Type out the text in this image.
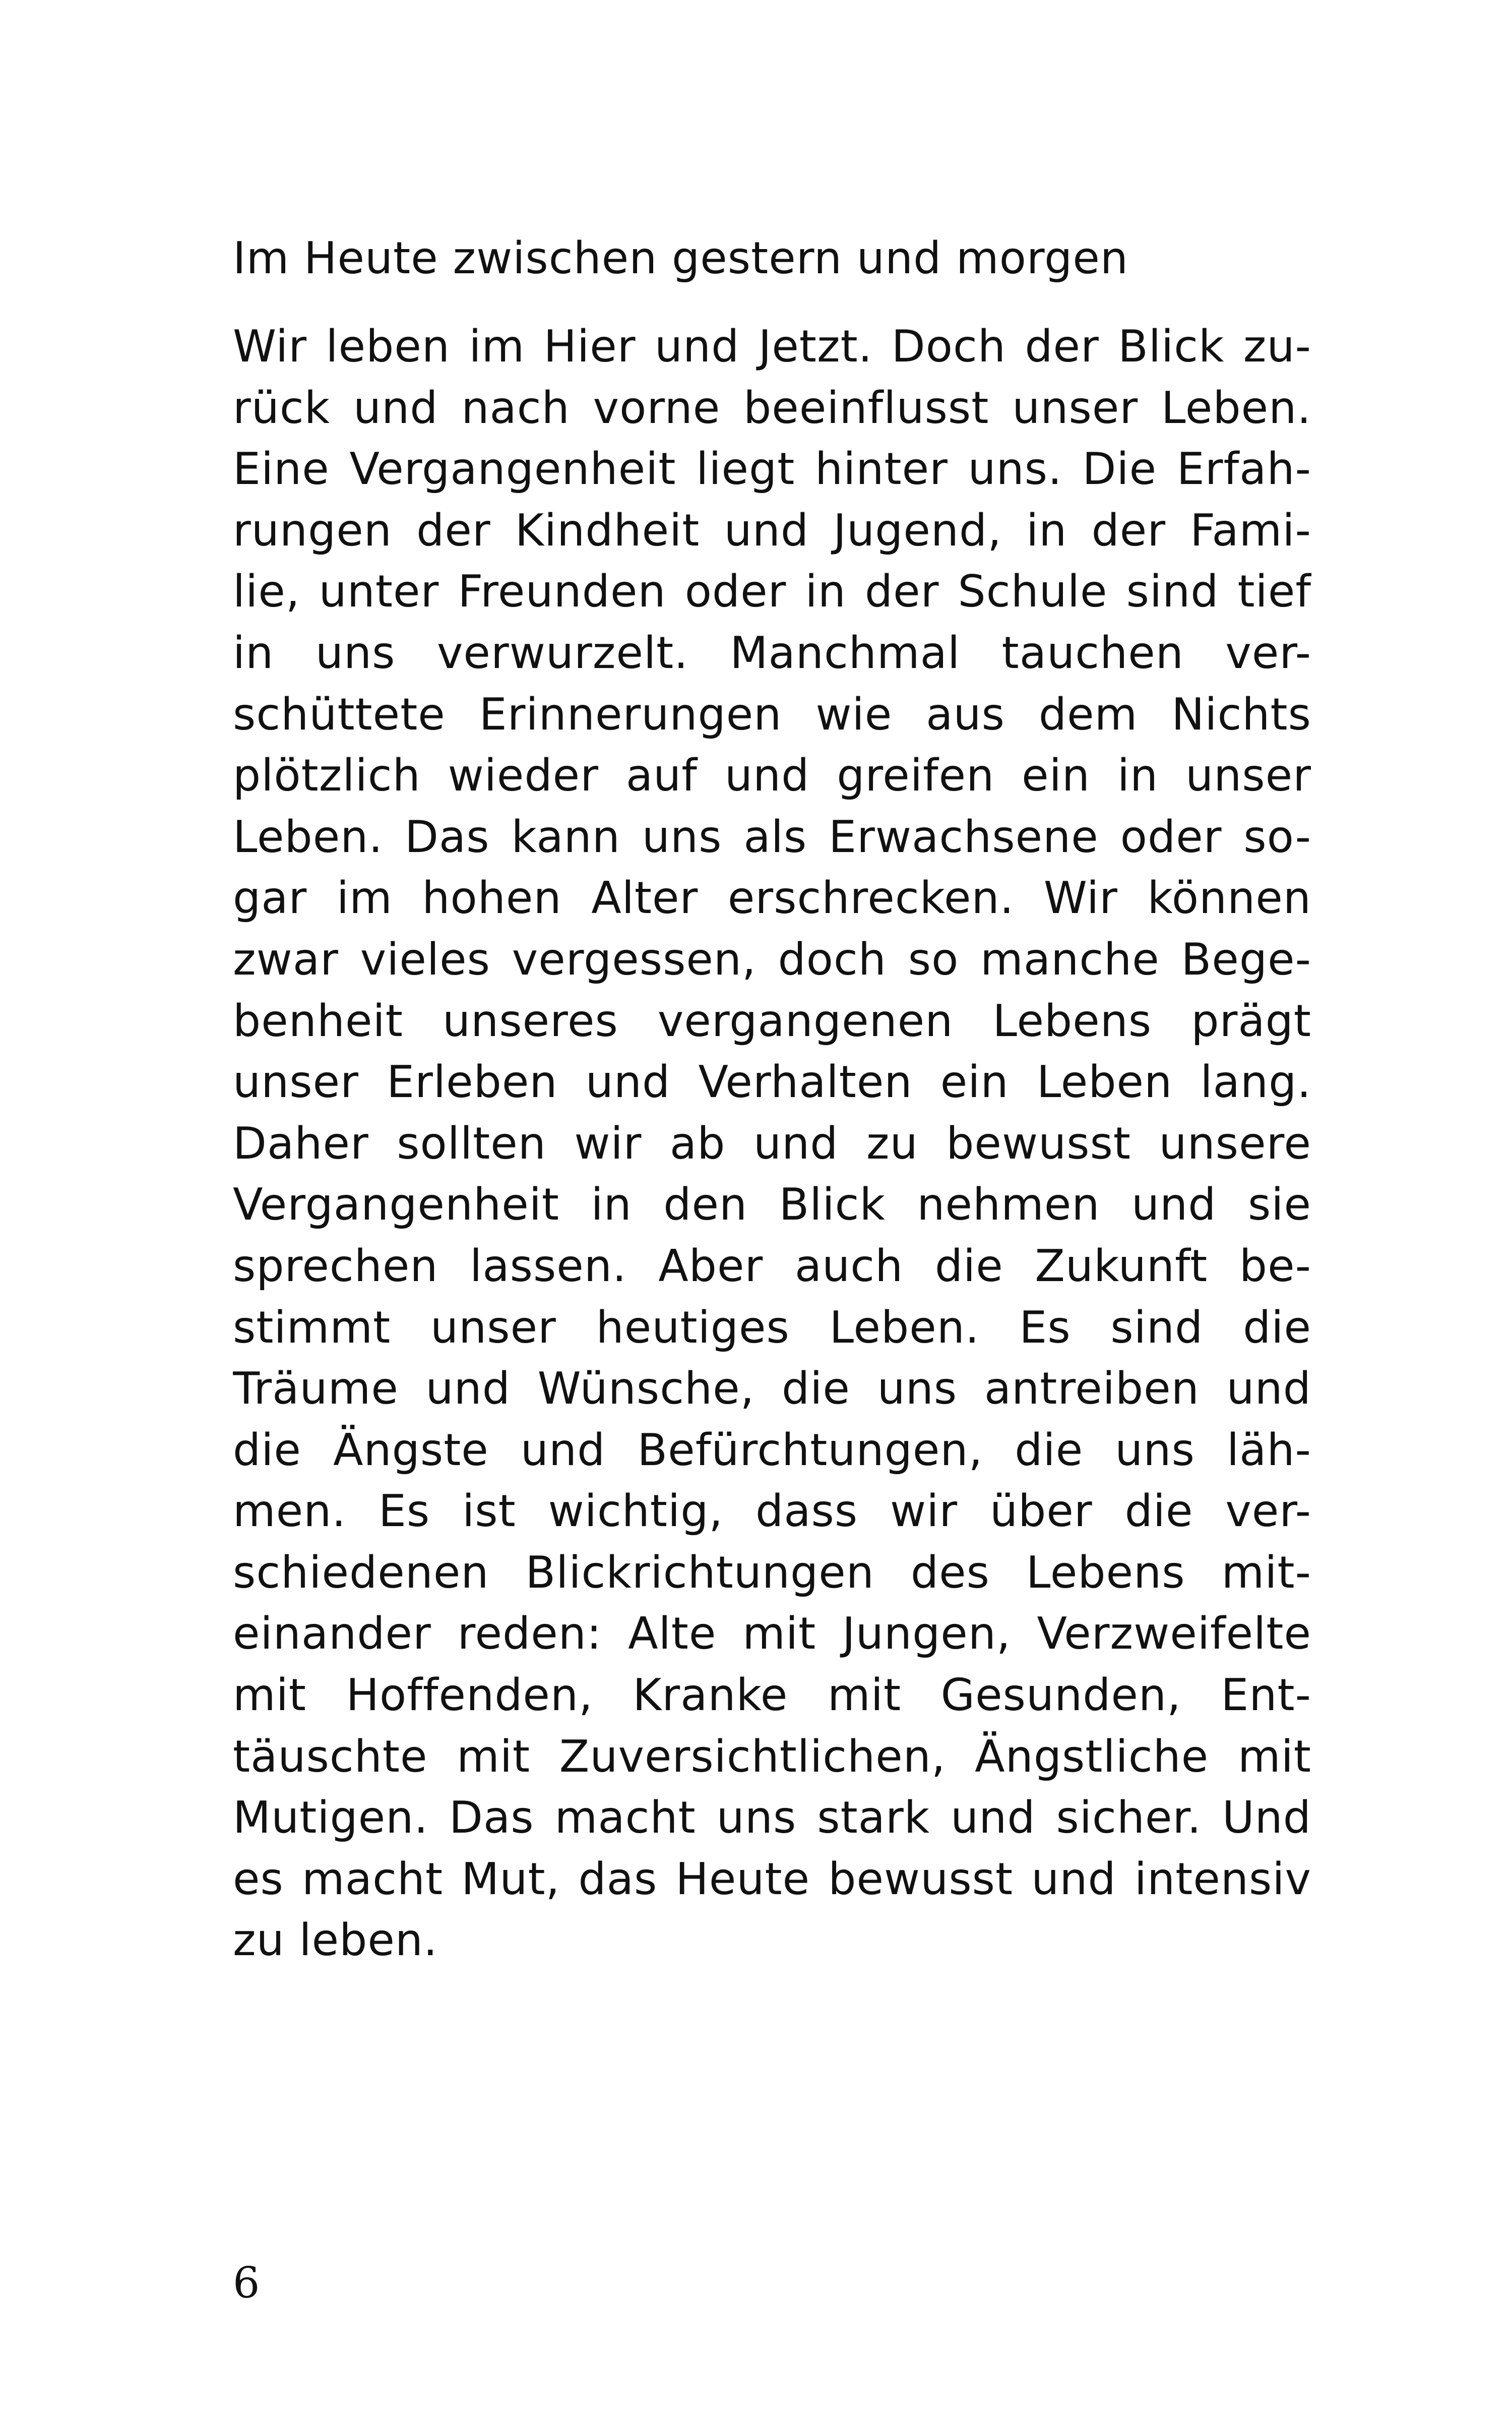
Im Heute zwischen gestern und morgen
Wir leben im Hier und Jetzt. Doch der Blick zu-
rück und nach vorne beeinflusst unser Leben.
Eine Vergangenheit liegt hinter uns. Die Erfah-
rungen der Kindheit und Jugend, in der Fami-
lie, unter Freunden oder in der Schule sind tief
in uns verwurzelt. Manchmal tauchen ver-
schüttete Erinnerungen wie aus dem Nichts
plötzlich wieder auf und greifen ein in unser
Leben. Das kann uns als Erwachsene oder so-
gar im hohen Alter erschrecken. Wir können
zwar vieles vergessen, doch so manche Bege-
benheit unseres vergangenen Lebens prägt
unser Erleben und Verhalten ein Leben lang.
Daher sollten wir ab und zu bewusst unsere
Vergangenheit in den Blick nehmen und sie
sprechen lassen. Aber auch die Zukunft be-
stimmt unser heutiges Leben. Es sind die
Träume und Wünsche, die uns antreiben und
die Ängste und Befürchtungen, die uns läh-
men. Es ist wichtig, dass wir über die ver-
schiedenen Blickrichtungen des Lebens mit-
einander reden: Alte mit Jungen, Verzweifelte
mit Hoffenden, Kranke mit Gesunden, Ent-
täuschte mit Zuversichtlichen, Ängstliche mit
Mutigen. Das macht uns stark und sicher. Und
es macht Mut, das Heute bewusst und intensiv
zu leben.
6
